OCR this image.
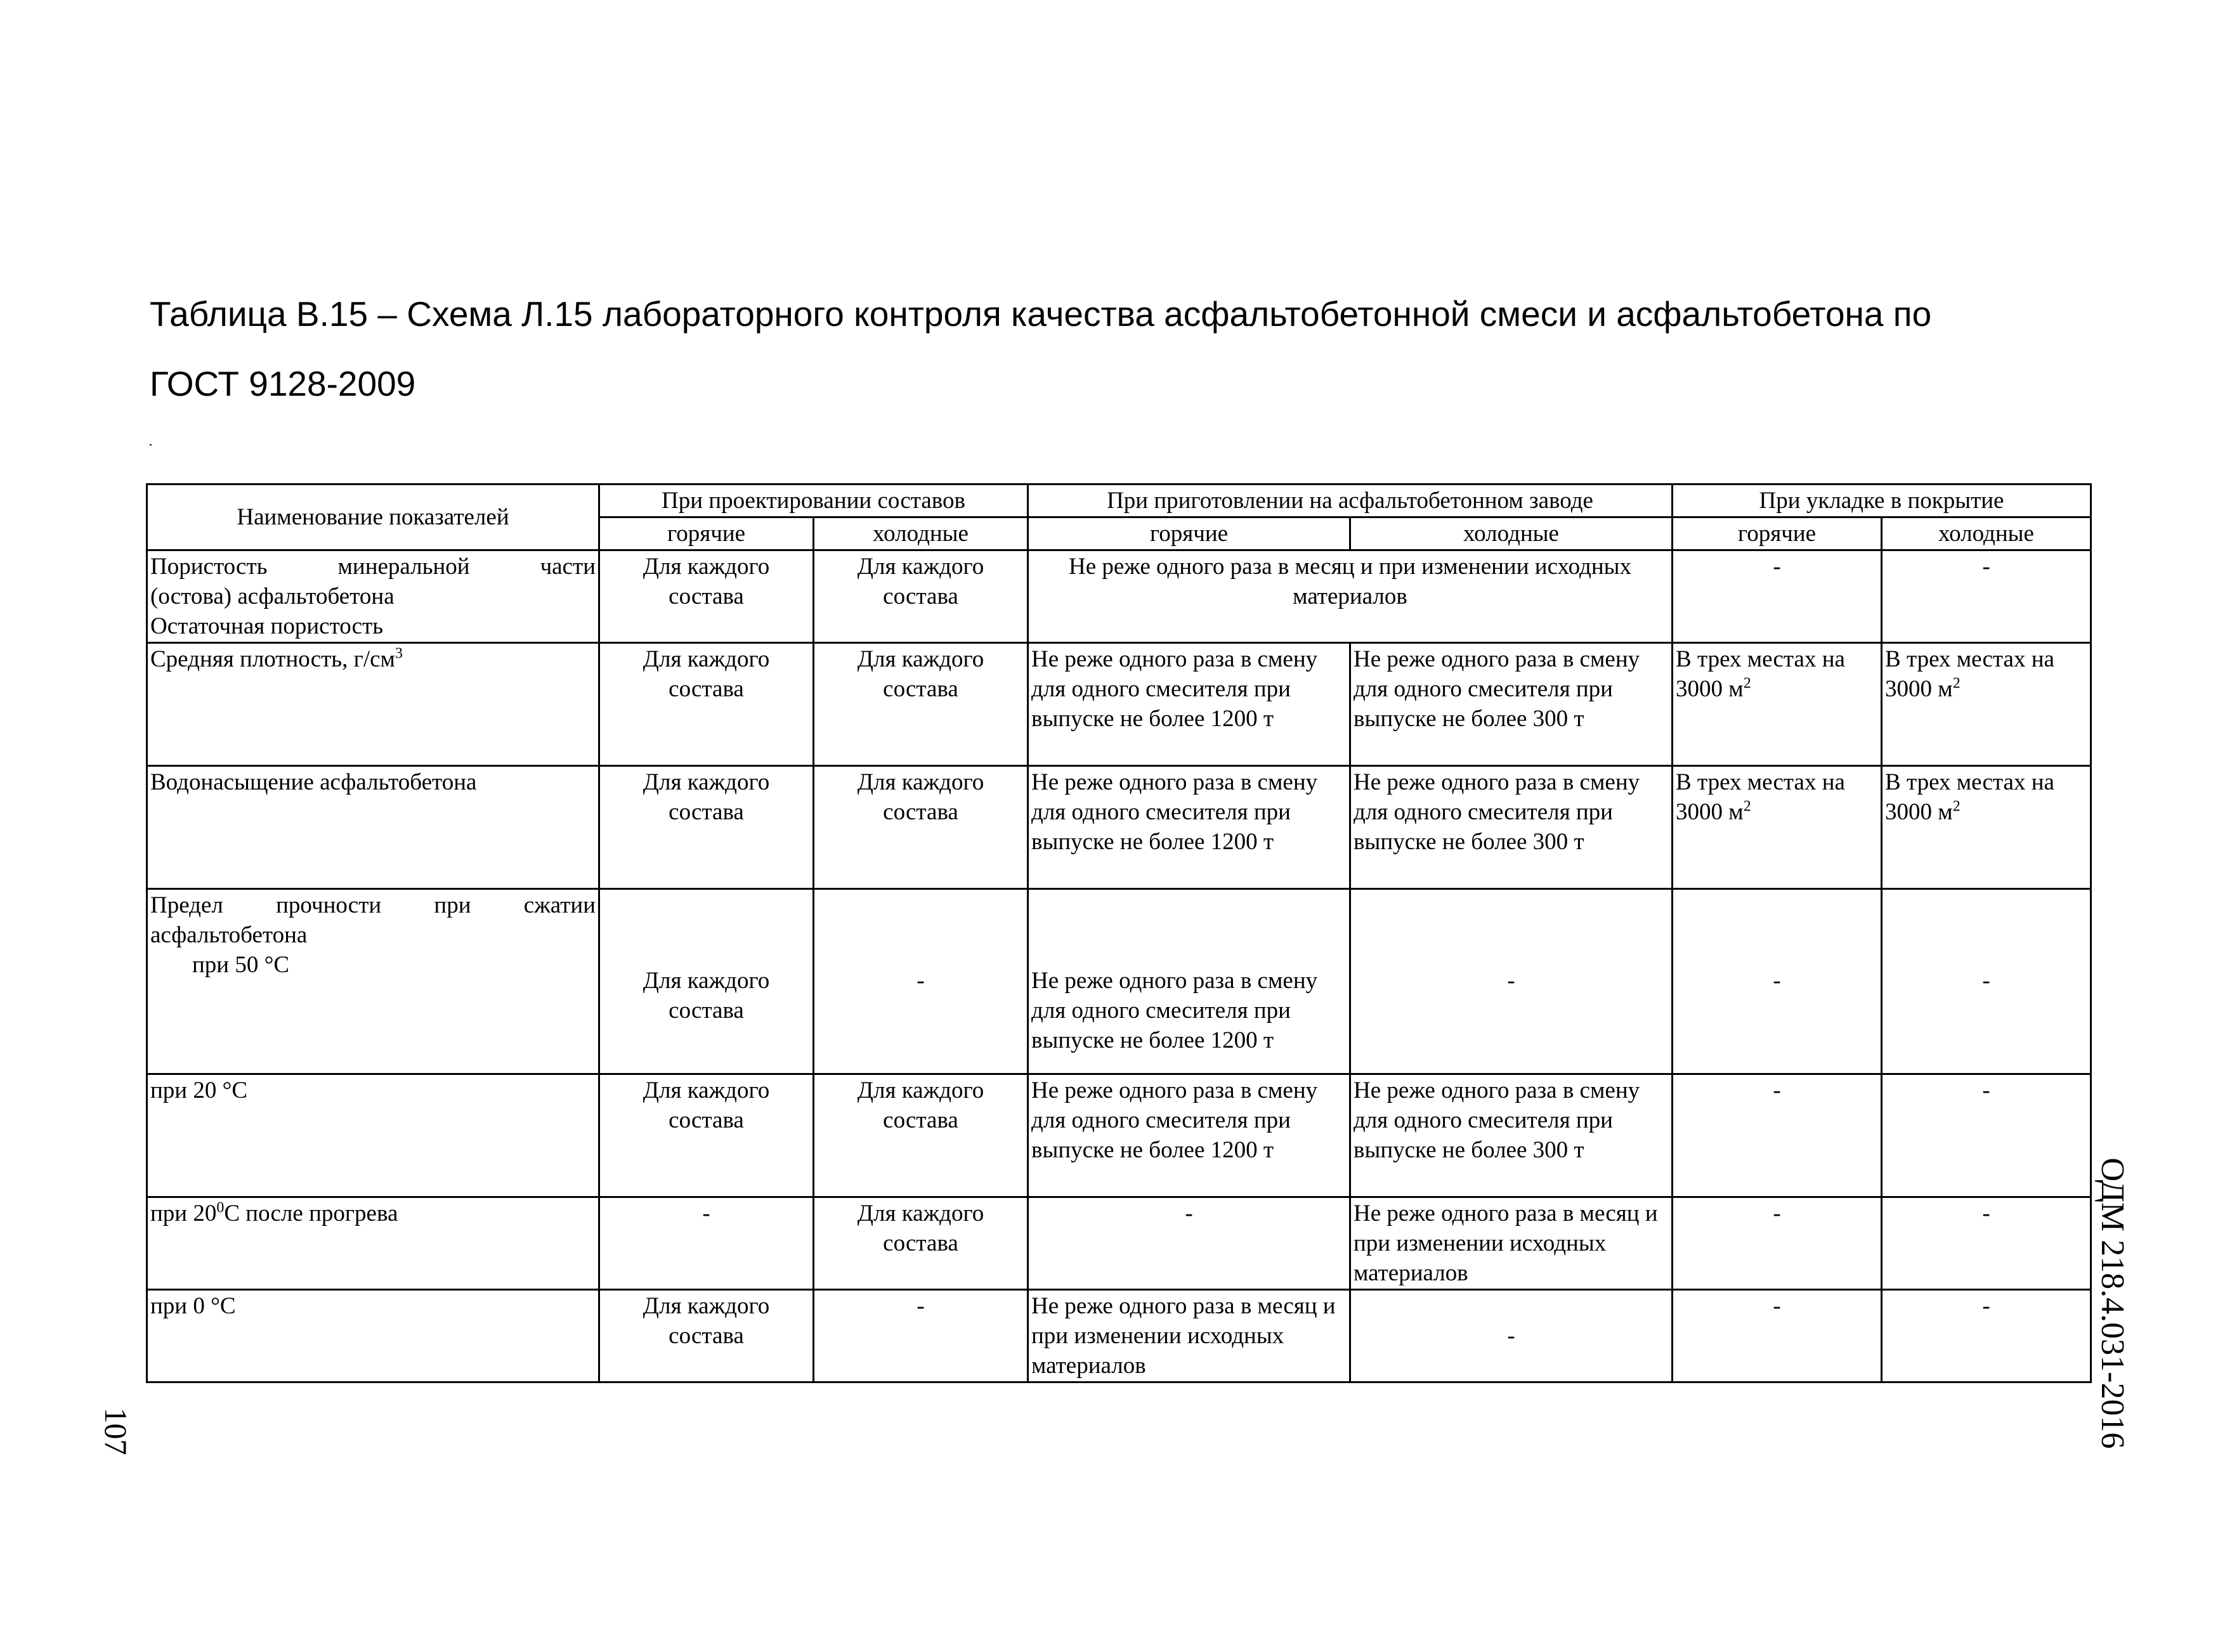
Таблица В.15 – Схема Л.15 лабораторного контроля качества асфальтобетонной смеси и асфальтобетона по ГОСТ 9128-2009
Наименование показателей	При проектировании составов		При приготовлении на асфальтобетонном заводе		При укладке в покрытие	
	горячие	холодные	горячие	холодные	горячие	холодные

Пористость минеральной части
(остова) асфальтобетона
Остаточная пористость	Для каждого состава	Для каждого состава	Не реже одного раза в месяц и при изменении исходных материалов		-	-
Средняя плотность, $г/см^3$	Для каждого состава	Для каждого состава	Не реже одного раза в смену для одного смесителя при выпуске не более 1200 т	Не реже одного раза в смену для одного смесителя при выпуске не более 300 т	В трех местах на 3000 $м^2$	В трех местах на 3000 $м^2$
Водонасыщение асфальтобетона	Для каждого состава	Для каждого состава	Не реже одного раза в смену для одного смесителя при выпуске не более 1200 т	Не реже одного раза в смену для одного смесителя при выпуске не более 300 т	В трех местах на 3000 $м^2$	В трех местах на 3000 $м^2$

Предел прочности при сжатии
асфальтобетона
при 50 °С	Для каждого состава	-	Не реже одного раза в смену для одного смесителя при выпуске не более 1200 т	-	-	-
при 20 °С	Для каждого состава	Для каждого состава	Не реже одного раза в смену для одного смесителя при выпуске не более 1200 т	Не реже одного раза в смену для одного смесителя при выпуске не более 300 т	-	-
при $20^0С$ после прогрева	-	Для каждого состава	-	Не реже одного раза в месяц и при изменении исходных материалов	-	-
при 0 °С	Для каждого состава	-	Не реже одного раза в месяц и при изменении исходных материалов	-	-	-
107	ОДМ 218.4.031-2016
